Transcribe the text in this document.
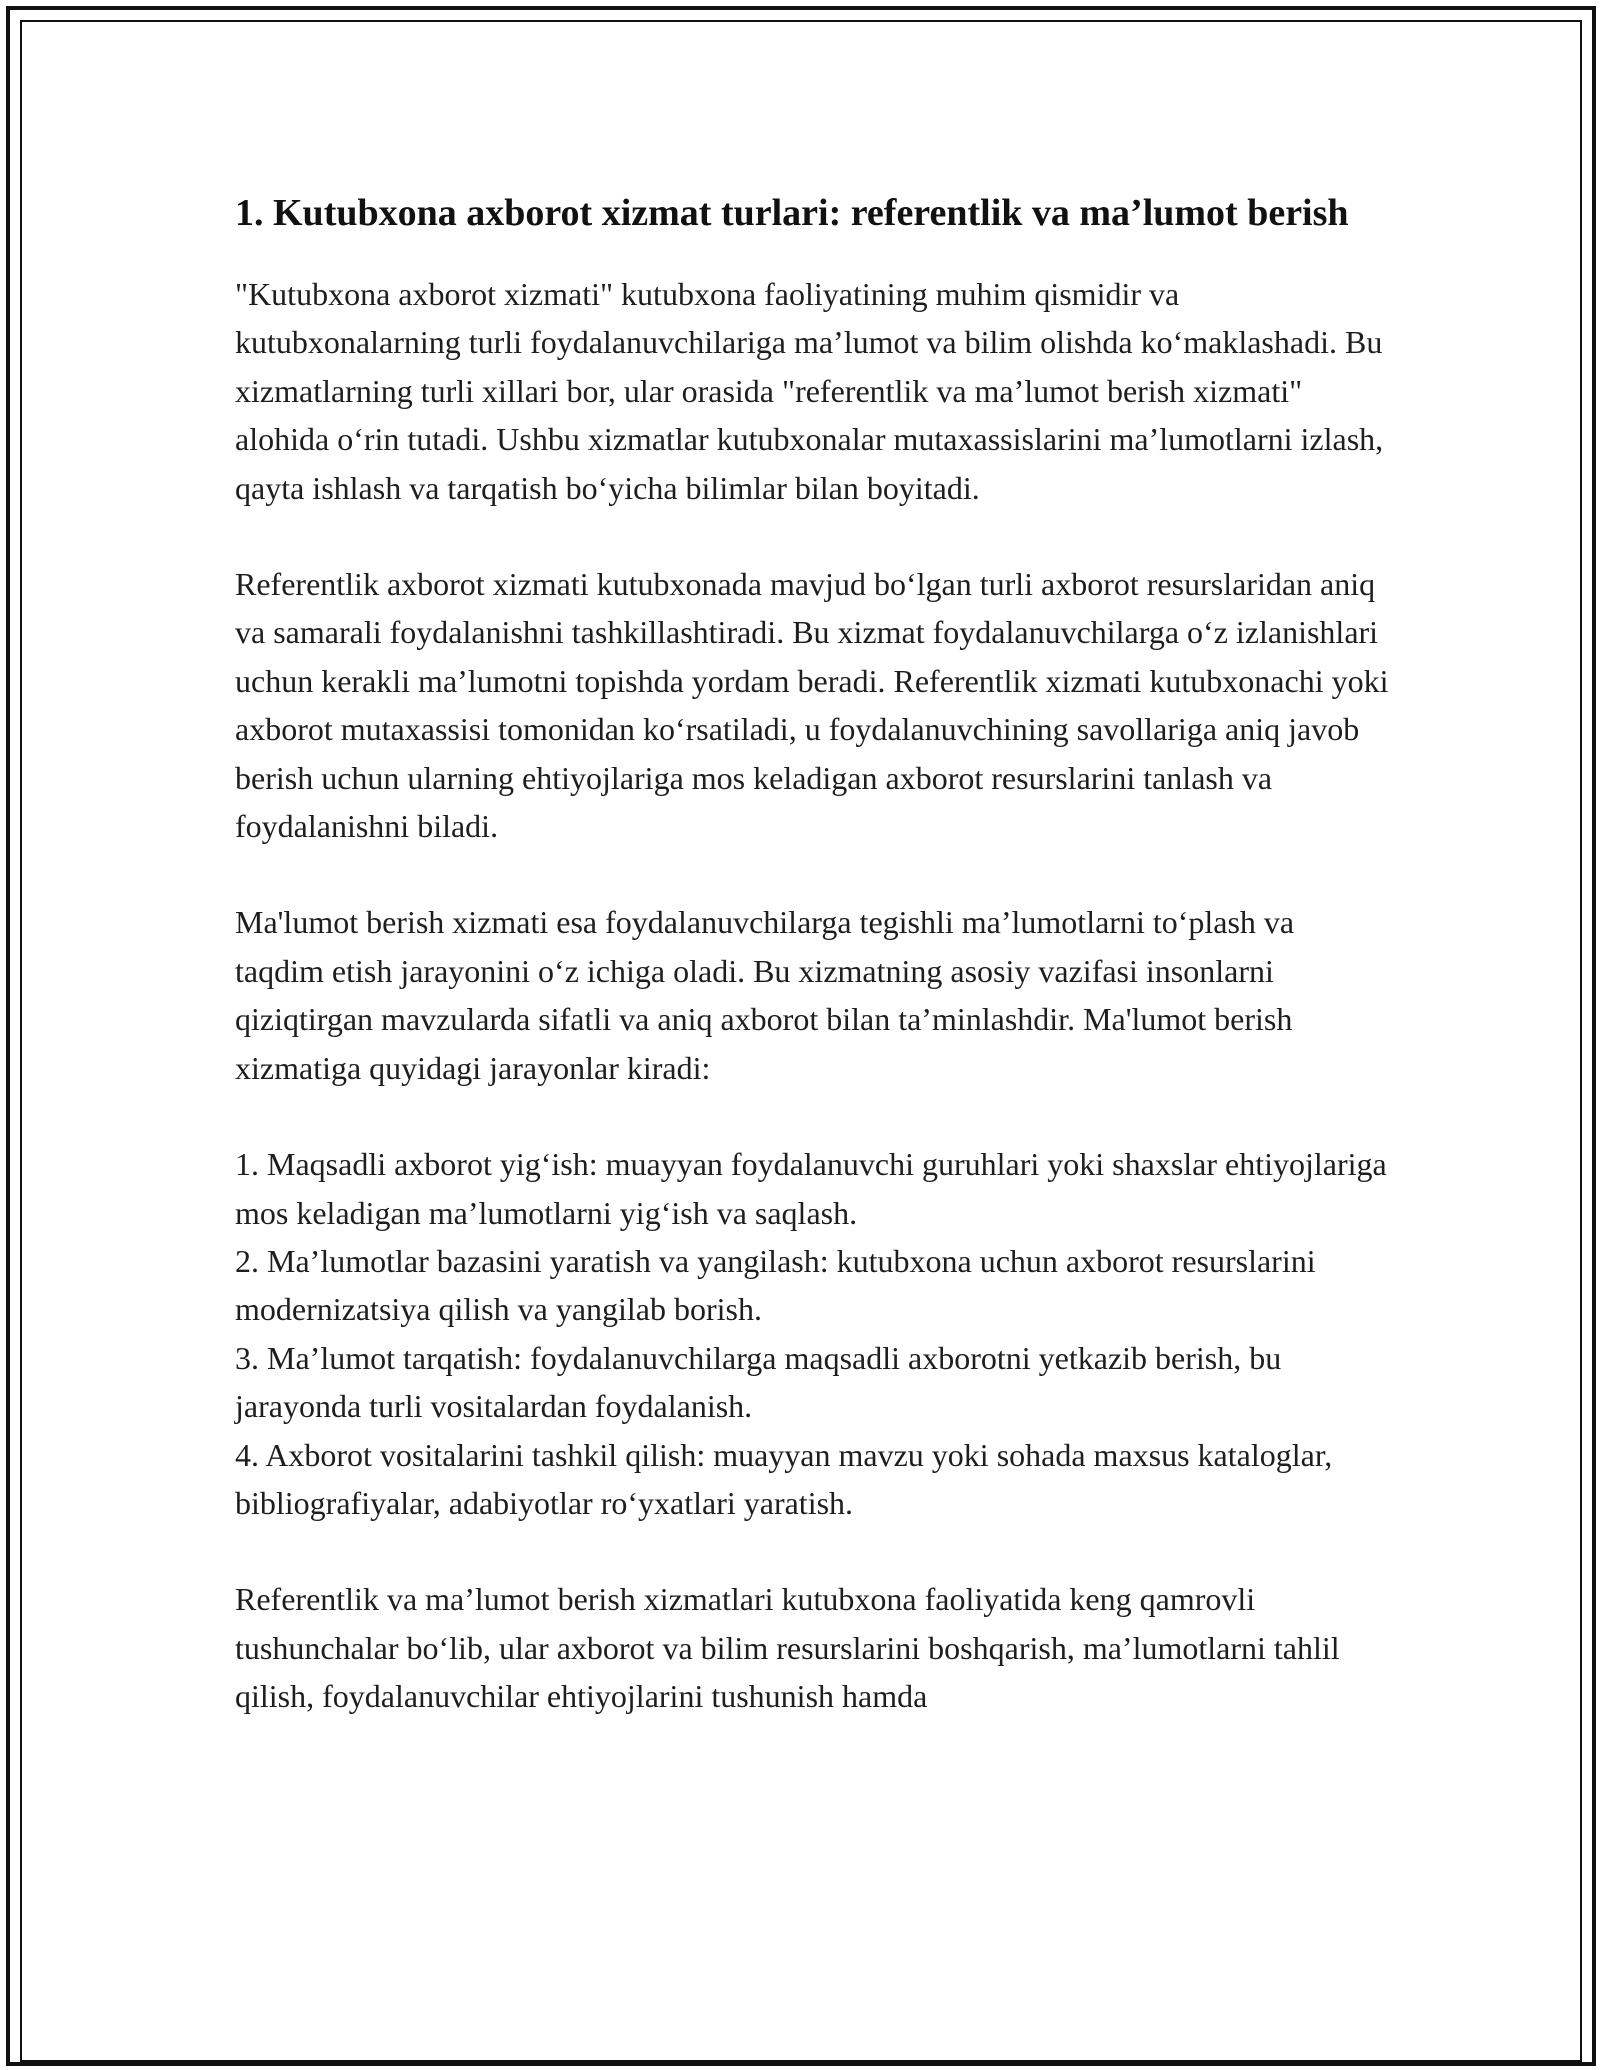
1. Kutubxona axborot xizmat turlari: referentlik va ma’lumot berish

"Kutubxona axborot xizmati" kutubxona faoliyatining muhim qismidir va kutubxonalarning turli foydalanuvchilariga ma’lumot va bilim olishda ko‘maklashadi. Bu xizmatlarning turli xillari bor, ular orasida "referentlik va ma’lumot berish xizmati" alohida o‘rin tutadi. Ushbu xizmatlar kutubxonalar mutaxassislarini ma’lumotlarni izlash, qayta ishlash va tarqatish bo‘yicha bilimlar bilan boyitadi.

Referentlik axborot xizmati kutubxonada mavjud bo‘lgan turli axborot resurslaridan aniq va samarali foydalanishni tashkillashtiradi. Bu xizmat foydalanuvchilarga o‘z izlanishlari uchun kerakli ma’lumotni topishda yordam beradi. Referentlik xizmati kutubxonachi yoki axborot mutaxassisi tomonidan ko‘rsatiladi, u foydalanuvchining savollariga aniq javob berish uchun ularning ehtiyojlariga mos keladigan axborot resurslarini tanlash va foydalanishni biladi.

Ma'lumot berish xizmati esa foydalanuvchilarga tegishli ma’lumotlarni to‘plash va taqdim etish jarayonini o‘z ichiga oladi. Bu xizmatning asosiy vazifasi insonlarni qiziqtirgan mavzularda sifatli va aniq axborot bilan ta’minlashdir. Ma'lumot berish xizmatiga quyidagi jarayonlar kiradi:

1. Maqsadli axborot yig‘ish: muayyan foydalanuvchi guruhlari yoki shaxslar ehtiyojlariga mos keladigan ma’lumotlarni yig‘ish va saqlash.
2. Ma’lumotlar bazasini yaratish va yangilash: kutubxona uchun axborot resurslarini modernizatsiya qilish va yangilab borish.
3. Ma’lumot tarqatish: foydalanuvchilarga maqsadli axborotni yetkazib berish, bu jarayonda turli vositalardan foydalanish.
4. Axborot vositalarini tashkil qilish: muayyan mavzu yoki sohada maxsus kataloglar, bibliografiyalar, adabiyotlar ro‘yxatlari yaratish.

Referentlik va ma’lumot berish xizmatlari kutubxona faoliyatida keng qamrovli tushunchalar bo‘lib, ular axborot va bilim resurslarini boshqarish, ma’lumotlarni tahlil qilish, foydalanuvchilar ehtiyojlarini tushunish hamda
